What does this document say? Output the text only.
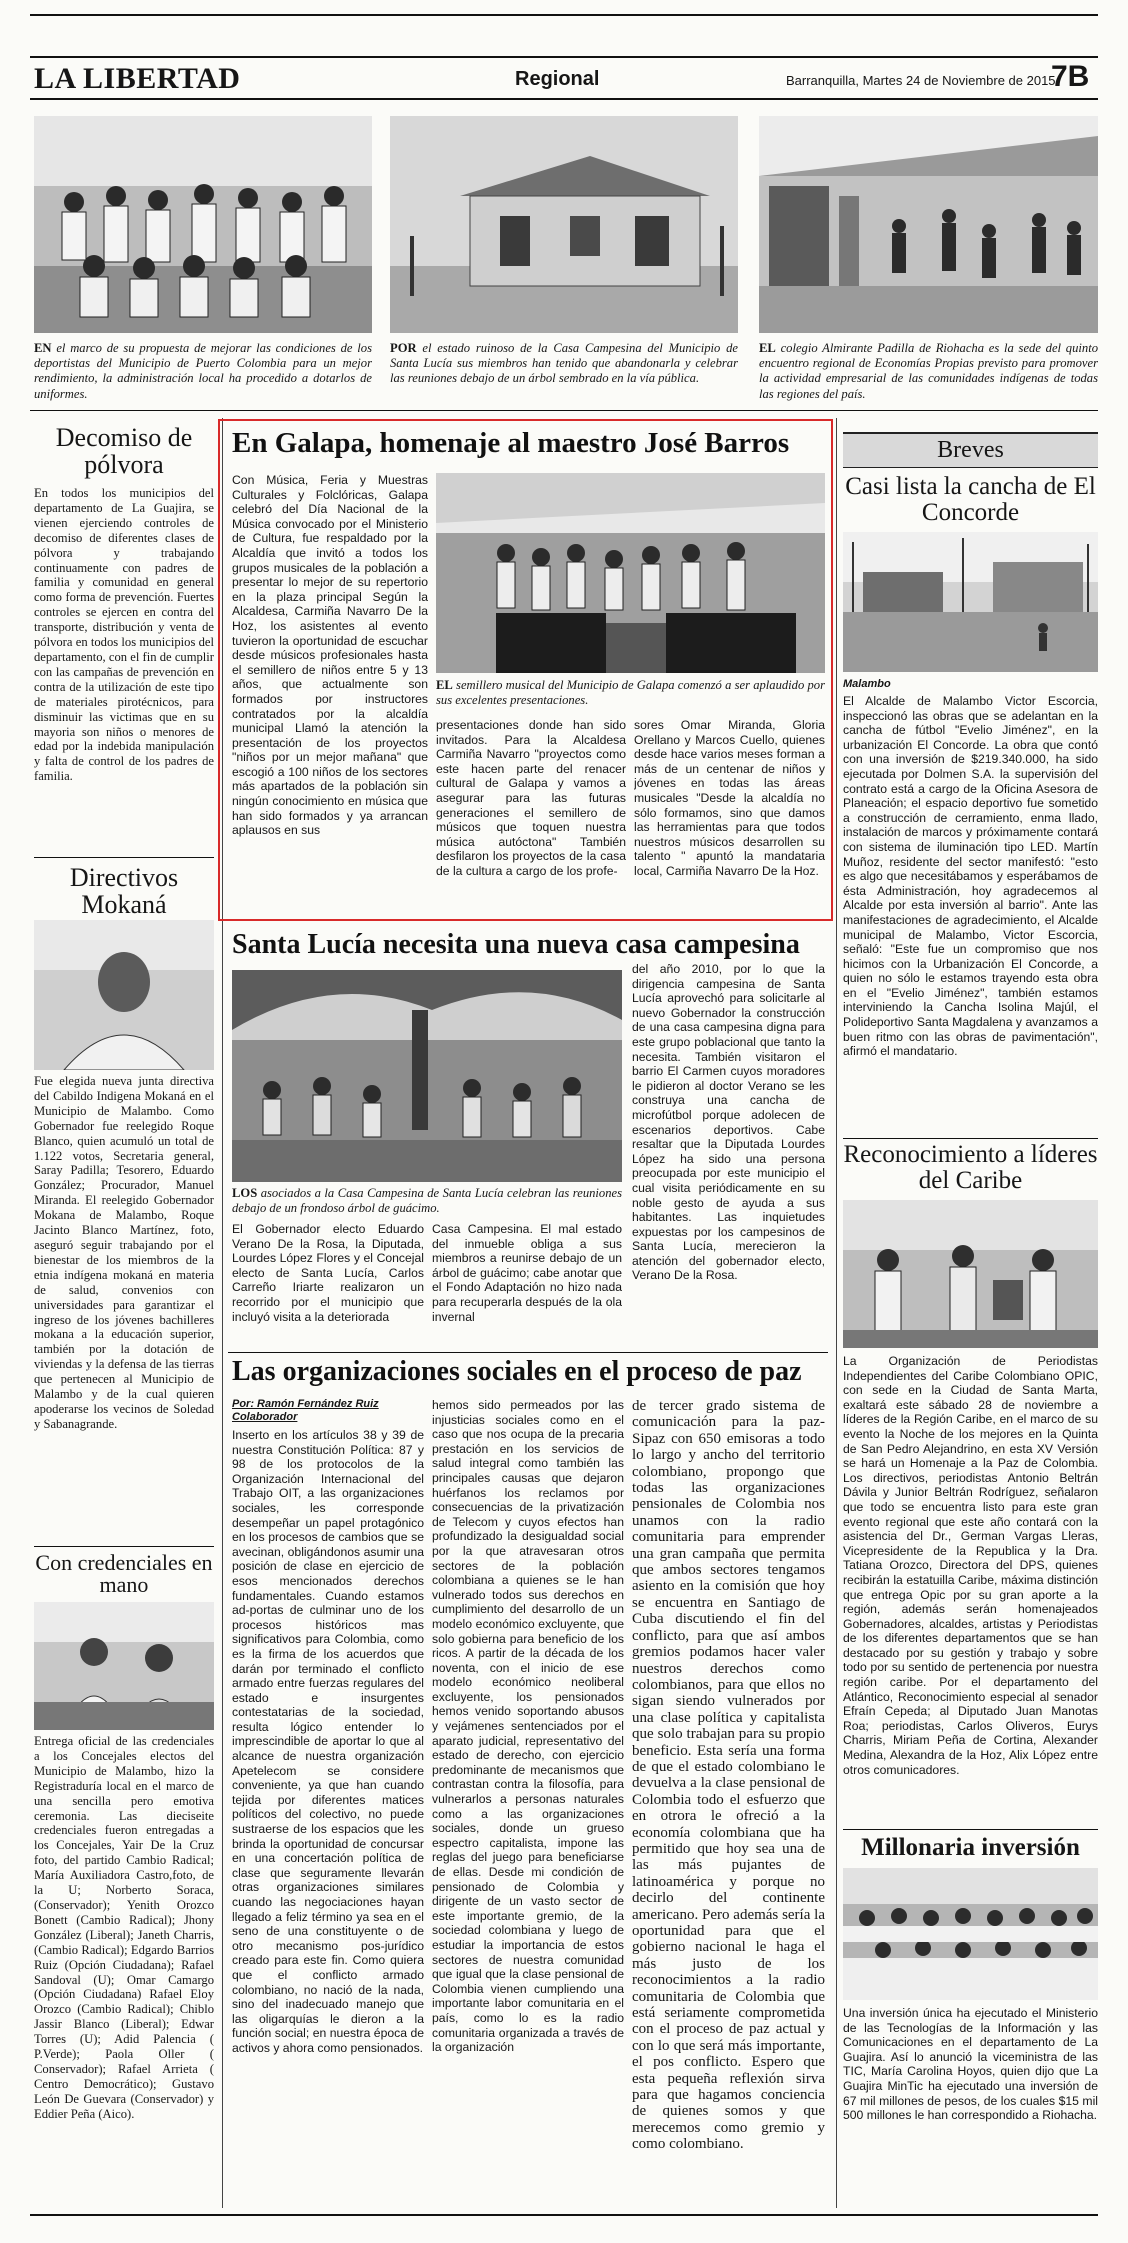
LA LIBERTAD	Regional	Barranquilla, Martes 24 de Noviembre de 2015
7B
EN el marco de su propuesta de mejorar las condiciones de los deportistas del Municipio de Puerto Colombia para un mejor rendimiento, la administración local ha procedido a dotarlos de uniformes.
POR el estado ruinoso de la Casa Campesina del Municipio de Santa Lucía sus miembros han tenido que abandonarla y celebrar las reuniones debajo de un árbol sembrado en la vía pública.
EL colegio Almirante Padilla de Riohacha es la sede del quinto encuentro regional de Economías Propias previsto para promover la actividad empresarial de las comunidades indígenas de todas las regiones del país.
Decomiso de pólvora
En todos los municipios del departamento de La Guajira, se vienen ejerciendo controles de decomiso de diferentes clases de pólvora y trabajando continuamente con padres de familia y comunidad en general como forma de prevención. Fuertes controles se ejercen en contra del transporte, distribución y venta de pólvora en todos los municipios del departamento, con el fin de cumplir con las campañas de prevención en contra de la utilización de este tipo de materiales pirotécnicos, para disminuir las victimas que en su mayoria son niños o menores de edad por la indebida manipulación y falta de control de los padres de familia.
Directivos Mokaná
Fue elegida nueva junta directiva del Cabildo Indigena Mokaná en el Municipio de Malambo. Como Gobernador fue reelegido Roque Blanco, quien acumuló un total de 1.122 votos, Secretaria general, Saray Padilla; Tesorero, Eduardo González; Procurador, Manuel Miranda. El reelegido Gobernador Mokana de Malambo, Roque Jacinto Blanco Martínez, foto, aseguró seguir trabajando por el bienestar de los miembros de la etnia indígena mokaná en materia de salud, convenios con universidades para garantizar el ingreso de los jóvenes bachilleres mokana a la educación superior, también por la dotación de viviendas y la defensa de las tierras que pertenecen al Municipio de Malambo y de la cual quieren apoderarse los vecinos de Soledad y Sabanagrande.
Con credenciales en mano
Entrega oficial de las credenciales a los Concejales electos del Municipio de Malambo, hizo la Registraduría local en el marco de una sencilla pero emotiva ceremonia. Las dieciseite credenciales fueron entregadas a los Concejales, Yair De la Cruz foto, del partido Cambio Radical; María Auxiliadora Castro,foto, de la U; Norberto Soraca, (Conservador); Yenith Orozco Bonett (Cambio Radical); Jhony González (Liberal); Janeth Charris, (Cambio Radical); Edgardo Barrios Ruiz (Opción Ciudadana); Rafael Sandoval (U); Omar Camargo (Opción Ciudadana) Rafael Eloy Orozco (Cambio Radical); Chiblo Jassir Blanco (Liberal); Edwar Torres (U); Adid Palencia ( P.Verde); Paola Oller ( Conservador); Rafael Arrieta ( Centro Democrático); Gustavo León De Guevara (Conservador) y Eddier Peña (Aico).
En Galapa, homenaje al maestro José Barros
Con Música, Feria y Muestras Culturales y Folclóricas, Galapa celebró del Día Nacional de la Música convocado por el Ministerio de Cultura, fue respaldado por la Alcaldía que invitó a todos los grupos musicales de la población a presentar lo mejor de su repertorio en la plaza principal Según la Alcaldesa, Carmiña Navarro De la Hoz, los asistentes al evento tuvieron la oportunidad de escuchar desde músicos profesionales hasta el semillero de niños entre 5 y 13 años, que actualmente son formados por instructores contratados por la alcaldía municipal Llamó la atención la presentación de los proyectos "niños por un mejor mañana" que escogió a 100 niños de los sectores más apartados de la población sin ningún conocimiento en música que han sido formados y ya arrancan aplausos en sus
EL semillero musical del Municipio de Galapa comenzó a ser aplaudido por sus excelentes presentaciones.
presentaciones donde han sido invitados. Para la Alcaldesa Carmiña Navarro "proyectos como este hacen parte del renacer cultural de Galapa y vamos a asegurar para las futuras generaciones el semillero de músicos que toquen nuestra música autóctona" También desfilaron los proyectos de la casa de la cultura a cargo de los profe-
sores Omar Miranda, Gloria Orellano y Marcos Cuello, quienes desde hace varios meses forman a más de un centenar de niños y jóvenes en todas las áreas musicales "Desde la alcaldía no sólo formamos, sino que damos las herramientas para que todos nuestros músicos desarrollen su talento " apuntó la mandataria local, Carmiña Navarro De la Hoz.
Santa Lucía necesita una nueva casa campesina
LOS asociados a la Casa Campesina de Santa Lucía celebran las reuniones debajo de un frondoso árbol de guácimo.
El Gobernador electo Eduardo Verano De la Rosa, la Diputada, Lourdes López Flores y el Concejal electo de Santa Lucía, Carlos Carreño Iriarte realizaron un recorrido por el municipio que incluyó visita a la deteriorada
Casa Campesina. El mal estado del inmueble obliga a sus miembros a reunirse debajo de un árbol de guácimo; cabe anotar que el Fondo Adaptación no hizo nada para recuperarla después de la ola invernal
del año 2010, por lo que la dirigencia campesina de Santa Lucía aprovechó para solicitarle al nuevo Gobernador la construcción de una casa campesina digna para este grupo poblacional que tanto la necesita. También visitaron el barrio El Carmen cuyos moradores le pidieron al doctor Verano se les construya una cancha de microfútbol porque adolecen de escenarios deportivos. Cabe resaltar que la Diputada Lourdes López ha sido una persona preocupada por este municipio el cual visita periódicamente en su noble gesto de ayuda a sus habitantes. Las inquietudes expuestas por los campesinos de Santa Lucía, merecieron la atención del gobernador electo, Verano De la Rosa.
Las organizaciones sociales en el proceso de paz
Por: Ramón Fernández Ruiz
Colaborador
Inserto en los artículos 38 y 39 de nuestra Constitución Política: 87 y 98 de los protocolos de la Organización Internacional del Trabajo OIT, a las organizaciones sociales, les corresponde desempeñar un papel protagónico en los procesos de cambios que se avecinan, obligándonos asumir una posición de clase en ejercicio de esos mencionados derechos fundamentales. Cuando estamos ad-portas de culminar uno de los procesos históricos mas significativos para Colombia, como es la firma de los acuerdos que darán por terminado el conflicto armado entre fuerzas regulares del estado e insurgentes contestatarias de la sociedad, resulta lógico entender lo imprescindible de aportar lo que al alcance de nuestra organización Apetelecom se considere conveniente, ya que han cuando tejida por diferentes matices políticos del colectivo, no puede sustraerse de los espacios que les brinda la oportunidad de concursar en una concertación política de clase que seguramente llevarán otras organizaciones similares cuando las negociaciones hayan llegado a feliz término ya sea en el seno de una constituyente o de otro mecanismo pos-jurídico creado para este fin. Como quiera que el conflicto armado colombiano, no nació de la nada, sino del inadecuado manejo que las oligarquías le dieron a la función social; en nuestra época de activos y ahora como pensionados.
hemos sido permeados por las injusticias sociales como en el caso que nos ocupa de la precaria prestación en los servicios de salud integral como también las principales causas que dejaron huérfanos los reclamos por consecuencias de la privatización de Telecom y cuyos efectos han profundizado la desigualdad social por la que atravesaran otros sectores de la población colombiana a quienes se le han vulnerado todos sus derechos en cumplimiento del desarrollo de un modelo económico excluyente, que solo gobierna para beneficio de los ricos. A partir de la década de los noventa, con el inicio de ese modelo económico neoliberal excluyente, los pensionados hemos venido soportando abusos y vejámenes sentenciados por el aparato judicial, representativo del estado de derecho, con ejercicio predominante de mecanismos que contrastan contra la filosofía, para vulnerarlos a personas naturales como a las organizaciones sociales, donde un grueso espectro capitalista, impone las reglas del juego para beneficiarse de ellas. Desde mi condición de pensionado de Colombia y dirigente de un vasto sector de este importante gremio, de la sociedad colombiana y luego de estudiar la importancia de estos sectores de nuestra comunidad que igual que la clase pensional de Colombia vienen cumpliendo una importante labor comunitaria en el país, como lo es la radio comunitaria organizada a través de la organización
de tercer grado sistema de comunicación para la paz- Sipaz con 650 emisoras a todo lo largo y ancho del territorio colombiano, propongo que todas las organizaciones pensionales de Colombia nos unamos con la radio comunitaria para emprender una gran campaña que permita que ambos sectores tengamos asiento en la comisión que hoy se encuentra en Santiago de Cuba discutiendo el fin del conflicto, para que así ambos gremios podamos hacer valer nuestros derechos como colombianos, para que ellos no sigan siendo vulnerados por una clase política y capitalista que solo trabajan para su propio beneficio. Esta sería una forma de que el estado colombiano le devuelva a la clase pensional de Colombia todo el esfuerzo que en otrora le ofreció a la economía colombiana que ha permitido que hoy sea una de las más pujantes de latinoamérica y porque no decirlo del continente americano. Pero además sería la oportunidad para que el gobierno nacional le haga el más justo de los reconocimientos a la radio comunitaria de Colombia que está seriamente comprometida con el proceso de paz actual y con lo que será más importante, el pos conflicto. Espero que esta pequeña reflexión sirva para que hagamos conciencia de quienes somos y que merecemos como gremio y como colombiano.
Breves
Casi lista la cancha de El Concorde
Malambo
El Alcalde de Malambo Victor Escorcia, inspeccionó las obras que se adelantan en la cancha de fútbol "Evelio Jiménez", en la urbanización El Concorde. La obra que contó con una inversión de $219.340.000, ha sido ejecutada por Dolmen S.A. la supervisión del contrato está a cargo de la Oficina Asesora de Planeación; el espacio deportivo fue sometido a construcción de cerramiento, enma llado, instalación de marcos y próximamente contará con sistema de iluminación tipo LED. Martín Muñoz, residente del sector manifestó: "esto es algo que necesitábamos y esperábamos de ésta Administración, hoy agradecemos al Alcalde por esta inversión al barrio". Ante las manifestaciones de agradecimiento, el Alcalde municipal de Malambo, Victor Escorcia, señaló: "Este fue un compromiso que nos hicimos con la Urbanización El Concorde, a quien no sólo le estamos trayendo esta obra en el "Evelio Jiménez", también estamos interviniendo la Cancha Isolina Majúl, el Polideportivo Santa Magdalena y avanzamos a buen ritmo con las obras de pavimentación", afirmó el mandatario.
Reconocimiento a líderes del Caribe
La Organización de Periodistas Independientes del Caribe Colombiano OPIC, con sede en la Ciudad de Santa Marta, exaltará este sábado 28 de noviembre a líderes de la Región Caribe, en el marco de su evento la Noche de los mejores en la Quinta de San Pedro Alejandrino, en esta XV Versión se hará un Homenaje a la Paz de Colombia. Los directivos, periodistas Antonio Beltrán Dávila y Junior Beltrán Rodríguez, señalaron que todo se encuentra listo para este gran evento regional que este año contará con la asistencia del Dr., German Vargas Lleras, Vicepresidente de la Republica y la Dra. Tatiana Orozco, Directora del DPS, quienes recibirán la estatuilla Caribe, máxima distinción que entrega Opic por su gran aporte a la región, además serán homenajeados Gobernadores, alcaldes, artistas y Periodistas de los diferentes departamentos que se han destacado por su gestión y trabajo y sobre todo por su sentido de pertenencia por nuestra región caribe. Por el departamento del Atlántico, Reconocimiento especial al senador Efraín Cepeda; al Diputado Juan Manotas Roa; periodistas, Carlos Oliveros, Eurys Charris, Miriam Peña de Cortina, Alexander Medina, Alexandra de la Hoz, Alix López entre otros comunicadores.
Millonaria inversión
Una inversión única ha ejecutado el Ministerio de las Tecnologías de la Información y las Comunicaciones en el departamento de La Guajira. Así lo anunció la viceministra de las TIC, María Carolina Hoyos, quien dijo que La Guajira MinTic ha ejecutado una inversión de 67 mil millones de pesos, de los cuales $15 mil 500 millones le han correspondido a Riohacha.
